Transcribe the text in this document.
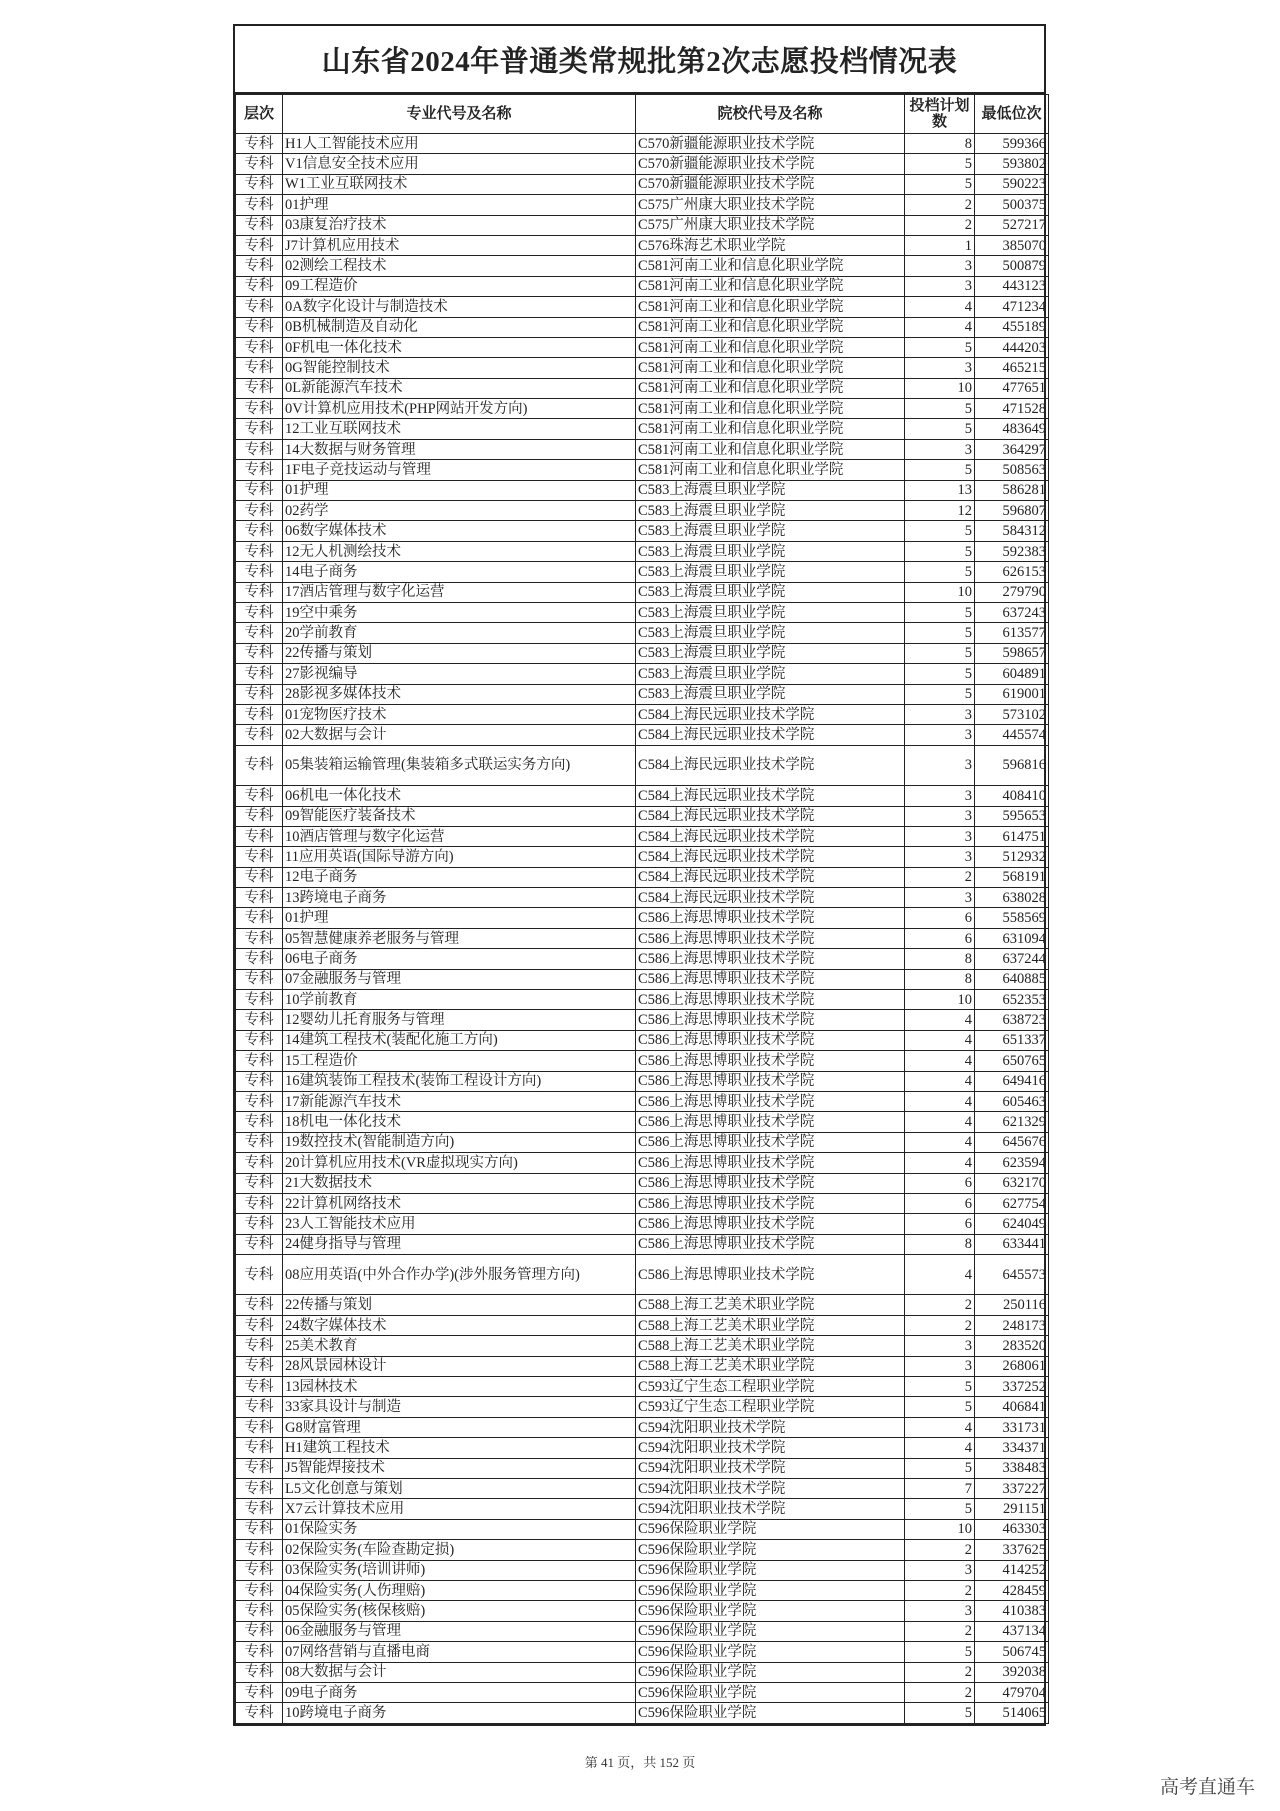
山东省2024年普通类常规批第2次志愿投档情况表
层次	专业代号及名称	院校代号及名称	投档计划数	最低位次
专科	H1人工智能技术应用	C570新疆能源职业技术学院	8	599366
专科	V1信息安全技术应用	C570新疆能源职业技术学院	5	593802
专科	W1工业互联网技术	C570新疆能源职业技术学院	5	590223
专科	01护理	C575广州康大职业技术学院	2	500375
专科	03康复治疗技术	C575广州康大职业技术学院	2	527217
专科	J7计算机应用技术	C576珠海艺术职业学院	1	385070
专科	02测绘工程技术	C581河南工业和信息化职业学院	3	500879
专科	09工程造价	C581河南工业和信息化职业学院	3	443123
专科	0A数字化设计与制造技术	C581河南工业和信息化职业学院	4	471234
专科	0B机械制造及自动化	C581河南工业和信息化职业学院	4	455189
专科	0F机电一体化技术	C581河南工业和信息化职业学院	5	444203
专科	0G智能控制技术	C581河南工业和信息化职业学院	3	465215
专科	0L新能源汽车技术	C581河南工业和信息化职业学院	10	477651
专科	0V计算机应用技术(PHP网站开发方向)	C581河南工业和信息化职业学院	5	471528
专科	12工业互联网技术	C581河南工业和信息化职业学院	5	483649
专科	14大数据与财务管理	C581河南工业和信息化职业学院	3	364297
专科	1F电子竞技运动与管理	C581河南工业和信息化职业学院	5	508563
专科	01护理	C583上海震旦职业学院	13	586281
专科	02药学	C583上海震旦职业学院	12	596807
专科	06数字媒体技术	C583上海震旦职业学院	5	584312
专科	12无人机测绘技术	C583上海震旦职业学院	5	592383
专科	14电子商务	C583上海震旦职业学院	5	626153
专科	17酒店管理与数字化运营	C583上海震旦职业学院	10	279790
专科	19空中乘务	C583上海震旦职业学院	5	637243
专科	20学前教育	C583上海震旦职业学院	5	613577
专科	22传播与策划	C583上海震旦职业学院	5	598657
专科	27影视编导	C583上海震旦职业学院	5	604891
专科	28影视多媒体技术	C583上海震旦职业学院	5	619001
专科	01宠物医疗技术	C584上海民远职业技术学院	3	573102
专科	02大数据与会计	C584上海民远职业技术学院	3	445574
专科	05集装箱运输管理(集装箱多式联运实务方向)	C584上海民远职业技术学院	3	596816
专科	06机电一体化技术	C584上海民远职业技术学院	3	408410
专科	09智能医疗装备技术	C584上海民远职业技术学院	3	595653
专科	10酒店管理与数字化运营	C584上海民远职业技术学院	3	614751
专科	11应用英语(国际导游方向)	C584上海民远职业技术学院	3	512932
专科	12电子商务	C584上海民远职业技术学院	2	568191
专科	13跨境电子商务	C584上海民远职业技术学院	3	638028
专科	01护理	C586上海思博职业技术学院	6	558569
专科	05智慧健康养老服务与管理	C586上海思博职业技术学院	6	631094
专科	06电子商务	C586上海思博职业技术学院	8	637244
专科	07金融服务与管理	C586上海思博职业技术学院	8	640885
专科	10学前教育	C586上海思博职业技术学院	10	652353
专科	12婴幼儿托育服务与管理	C586上海思博职业技术学院	4	638723
专科	14建筑工程技术(装配化施工方向)	C586上海思博职业技术学院	4	651337
专科	15工程造价	C586上海思博职业技术学院	4	650765
专科	16建筑装饰工程技术(装饰工程设计方向)	C586上海思博职业技术学院	4	649416
专科	17新能源汽车技术	C586上海思博职业技术学院	4	605463
专科	18机电一体化技术	C586上海思博职业技术学院	4	621329
专科	19数控技术(智能制造方向)	C586上海思博职业技术学院	4	645676
专科	20计算机应用技术(VR虚拟现实方向)	C586上海思博职业技术学院	4	623594
专科	21大数据技术	C586上海思博职业技术学院	6	632170
专科	22计算机网络技术	C586上海思博职业技术学院	6	627754
专科	23人工智能技术应用	C586上海思博职业技术学院	6	624049
专科	24健身指导与管理	C586上海思博职业技术学院	8	633441
专科	08应用英语(中外合作办学)(涉外服务管理方向)	C586上海思博职业技术学院	4	645573
专科	22传播与策划	C588上海工艺美术职业学院	2	250116
专科	24数字媒体技术	C588上海工艺美术职业学院	2	248173
专科	25美术教育	C588上海工艺美术职业学院	3	283520
专科	28风景园林设计	C588上海工艺美术职业学院	3	268061
专科	13园林技术	C593辽宁生态工程职业学院	5	337252
专科	33家具设计与制造	C593辽宁生态工程职业学院	5	406841
专科	G8财富管理	C594沈阳职业技术学院	4	331731
专科	H1建筑工程技术	C594沈阳职业技术学院	4	334371
专科	J5智能焊接技术	C594沈阳职业技术学院	5	338483
专科	L5文化创意与策划	C594沈阳职业技术学院	7	337227
专科	X7云计算技术应用	C594沈阳职业技术学院	5	291151
专科	01保险实务	C596保险职业学院	10	463303
专科	02保险实务(车险查勘定损)	C596保险职业学院	2	337625
专科	03保险实务(培训讲师)	C596保险职业学院	3	414252
专科	04保险实务(人伤理赔)	C596保险职业学院	2	428459
专科	05保险实务(核保核赔)	C596保险职业学院	3	410383
专科	06金融服务与管理	C596保险职业学院	2	437134
专科	07网络营销与直播电商	C596保险职业学院	5	506745
专科	08大数据与会计	C596保险职业学院	2	392038
专科	09电子商务	C596保险职业学院	2	479704
专科	10跨境电子商务	C596保险职业学院	5	514065
第 41 页，共 152 页
高考直通车
